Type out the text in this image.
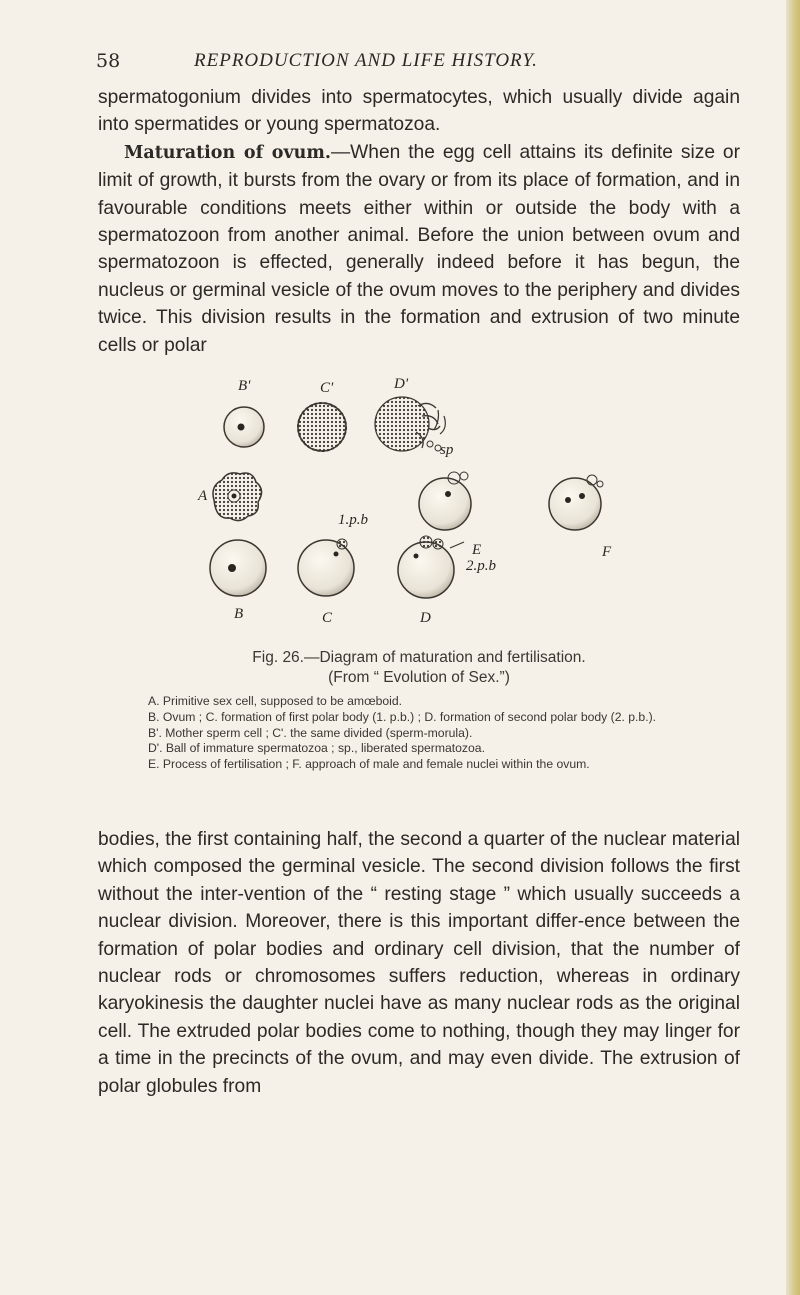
58	REPRODUCTION AND LIFE HISTORY.

spermatogonium divides into spermatocytes, which usually divide again into spermatides or young spermatozoa.

Maturation of ovum.—When the egg cell attains its definite size or limit of growth, it bursts from the ovary or from its place of formation, and in favourable conditions meets either within or outside the body with a spermatozoon from another animal. Before the union between ovum and spermatozoon is effected, generally indeed before it has begun, the nucleus or germinal vesicle of the ovum moves to the periphery and divides twice. This division results in the formation and extrusion of two minute cells or polar

B'	C'	D'
A
sp
1.p.b
E
2.p.b
F
B	C	D
Fig. 26.—Diagram of maturation and fertilisation.
(From “ Evolution of Sex.”)

A. Primitive sex cell, supposed to be amœboid.

B. Ovum ; C. formation of first polar body (1. p.b.) ; D. formation of second polar body (2. p.b.).

B'. Mother sperm cell ; C'. the same divided (sperm-morula).

D'. Ball of immature spermatozoa ; sp., liberated spermatozoa.

E. Process of fertilisation ; F. approach of male and female nuclei within the ovum.

bodies, the first containing half, the second a quarter of the nuclear material which composed the germinal vesicle. The second division follows the first without the inter-vention of the “ resting stage ” which usually succeeds a nuclear division. Moreover, there is this important differ-ence between the formation of polar bodies and ordinary cell division, that the number of nuclear rods or chromosomes suffers reduction, whereas in ordinary karyokinesis the daughter nuclei have as many nuclear rods as the original cell. The extruded polar bodies come to nothing, though they may linger for a time in the precincts of the ovum, and may even divide. The extrusion of polar globules from
